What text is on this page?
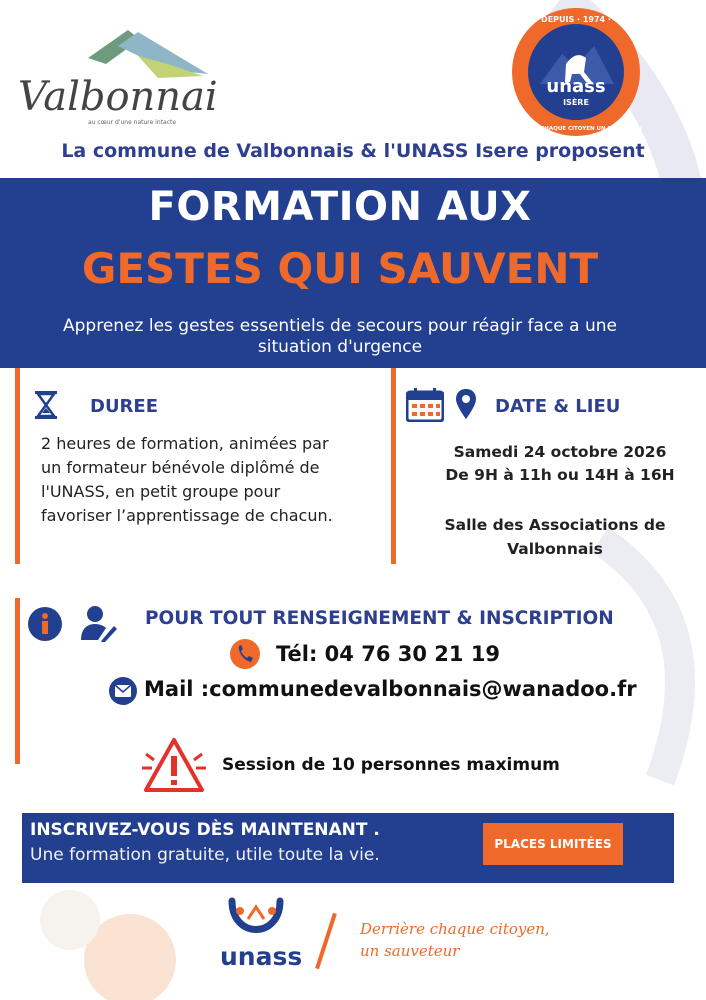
Valbonnais
au cœur d'une nature intacte
unass
ISÈRE
DEPUIS · 1974 ·
DERRIÈRE CHAQUE CITOYEN UN SAUVETEUR
La commune de Valbonnais & l'UNASS Isere proposent
FORMATION AUX
GESTES QUI SAUVENT
Apprenez les gestes essentiels de secours pour réagir face a une situation d'urgence
DUREE
2 heures de formation, animées par un formateur bénévole diplômé de l'UNASS, en petit groupe pour favoriser l’apprentissage de chacun.
DATE & LIEU
Samedi 24 octobre 2026
De 9H à 11h ou 14H à 16H
Salle des Associations de Valbonnais
POUR TOUT RENSEIGNEMENT & INSCRIPTION
Tél: 04 76 30 21 19
Mail :communedevalbonnais@wanadoo.fr
Session de 10 personnes maximum
INSCRIVEZ-VOUS DÈS MAINTENANT .
Une formation gratuite, utile toute la vie.
PLACES LIMITÉES
unass
Derrière chaque citoyen,
un sauveteur
